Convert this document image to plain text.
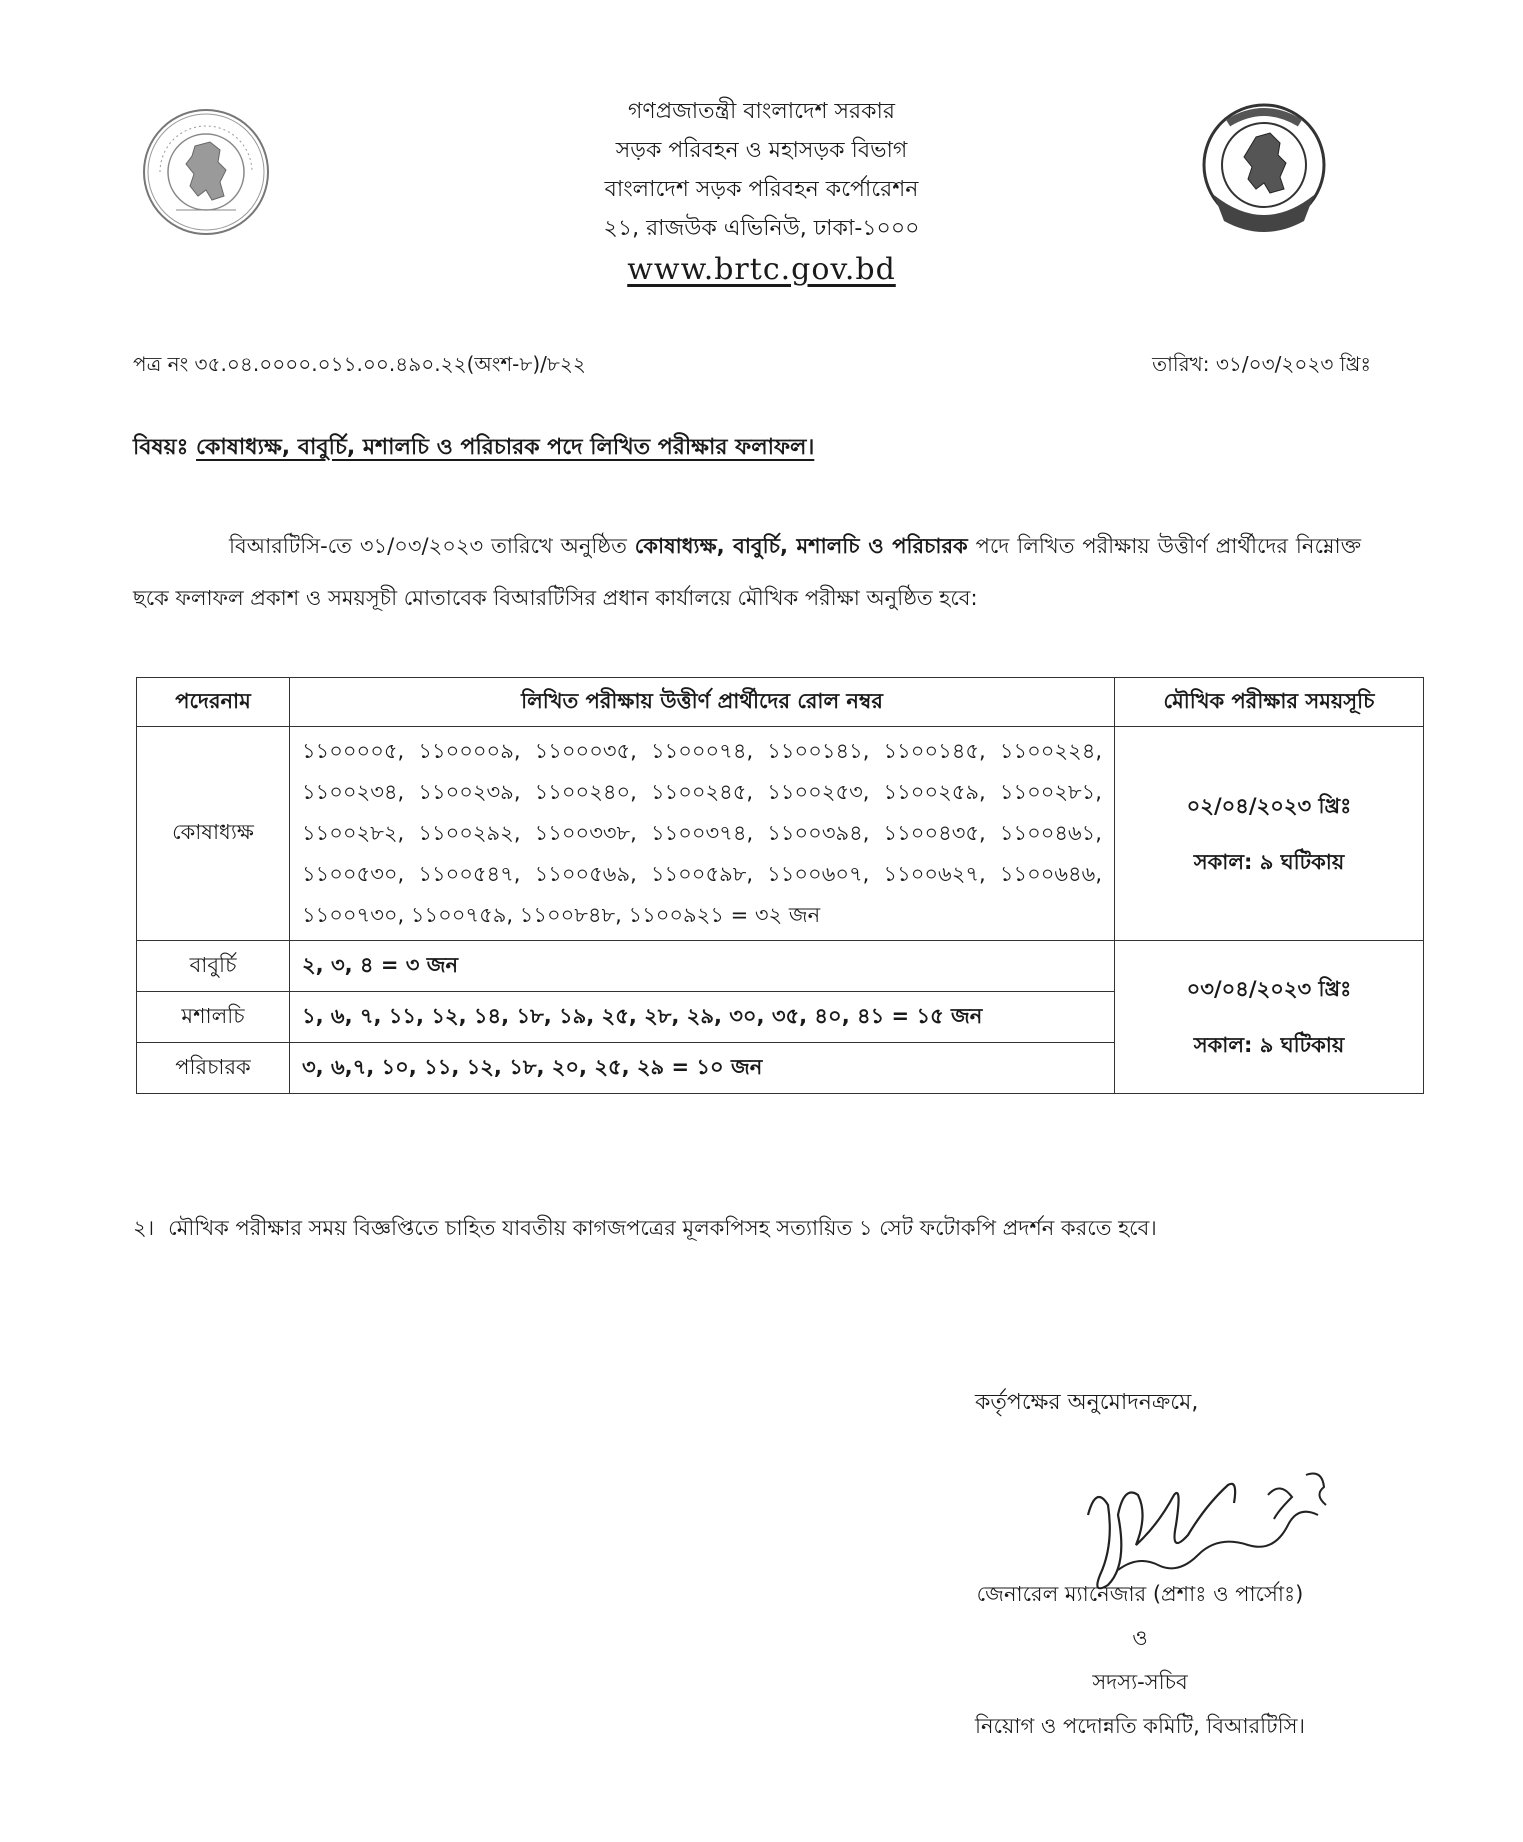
গণপ্রজাতন্ত্রী বাংলাদেশ সরকার
সড়ক পরিবহন ও মহাসড়ক বিভাগ
বাংলাদেশ সড়ক পরিবহন কর্পোরেশন
২১, রাজউক এভিনিউ, ঢাকা-১০০০
www.brtc.gov.bd
পত্র নং ৩৫.০৪.০০০০.০১১.০০.৪৯০.২২(অংশ-৮)/৮২২	তারিখ: ৩১/০৩/২০২৩ খ্রিঃ
বিষয়ঃ কোষাধ্যক্ষ, বাবুর্চি, মশালচি ও পরিচারক পদে লিখিত পরীক্ষার ফলাফল।
বিআরটিসি-তে ৩১/০৩/২০২৩ তারিখে অনুষ্ঠিত কোষাধ্যক্ষ, বাবুর্চি, মশালচি ও পরিচারক পদে লিখিত পরীক্ষায় উত্তীর্ণ প্রার্থীদের নিম্নোক্ত ছকে ফলাফল প্রকাশ ও সময়সূচী মোতাবেক বিআরটিসির প্রধান কার্যালয়ে মৌখিক পরীক্ষা অনুষ্ঠিত হবে:
পদেরনাম	লিখিত পরীক্ষায় উত্তীর্ণ প্রার্থীদের রোল নম্বর	মৌখিক পরীক্ষার সময়সূচি
কোষাধ্যক্ষ	১১০০০০৫, ১১০০০০৯, ১১০০০৩৫, ১১০০০৭৪, ১১০০১৪১, ১১০০১৪৫, ১১০০২২৪, ১১০০২৩৪, ১১০০২৩৯, ১১০০২৪০, ১১০০২৪৫, ১১০০২৫৩, ১১০০২৫৯, ১১০০২৮১, ১১০০২৮২, ১১০০২৯২, ১১০০৩৩৮, ১১০০৩৭৪, ১১০০৩৯৪, ১১০০৪৩৫, ১১০০৪৬১, ১১০০৫৩০, ১১০০৫৪৭, ১১০০৫৬৯, ১১০০৫৯৮, ১১০০৬০৭, ১১০০৬২৭, ১১০০৬৪৬, ১১০০৭৩০, ১১০০৭৫৯, ১১০০৮৪৮, ১১০০৯২১ = ৩২ জন	০২/০৪/২০২৩ খ্রিঃ
সকাল: ৯ ঘটিকায়

বাবুর্চি	২, ৩, ৪ = ৩ জন	০৩/০৪/২০২৩ খ্রিঃ
সকাল: ৯ ঘটিকায়

মশালচি	১, ৬, ৭, ১১, ১২, ১৪, ১৮, ১৯, ২৫, ২৮, ২৯, ৩০, ৩৫, ৪০, ৪১ = ১৫ জন	
পরিচারক	৩, ৬,৭, ১০, ১১, ১২, ১৮, ২০, ২৫, ২৯ = ১০ জন	
২। মৌখিক পরীক্ষার সময় বিজ্ঞপ্তিতে চাহিত যাবতীয় কাগজপত্রের মূলকপিসহ সত্যায়িত ১ সেট ফটোকপি প্রদর্শন করতে হবে।
কর্তৃপক্ষের অনুমোদনক্রমে,
জেনারেল ম্যানেজার (প্রশাঃ ও পার্সোঃ)
ও
সদস্য-সচিব
নিয়োগ ও পদোন্নতি কমিটি, বিআরটিসি।
